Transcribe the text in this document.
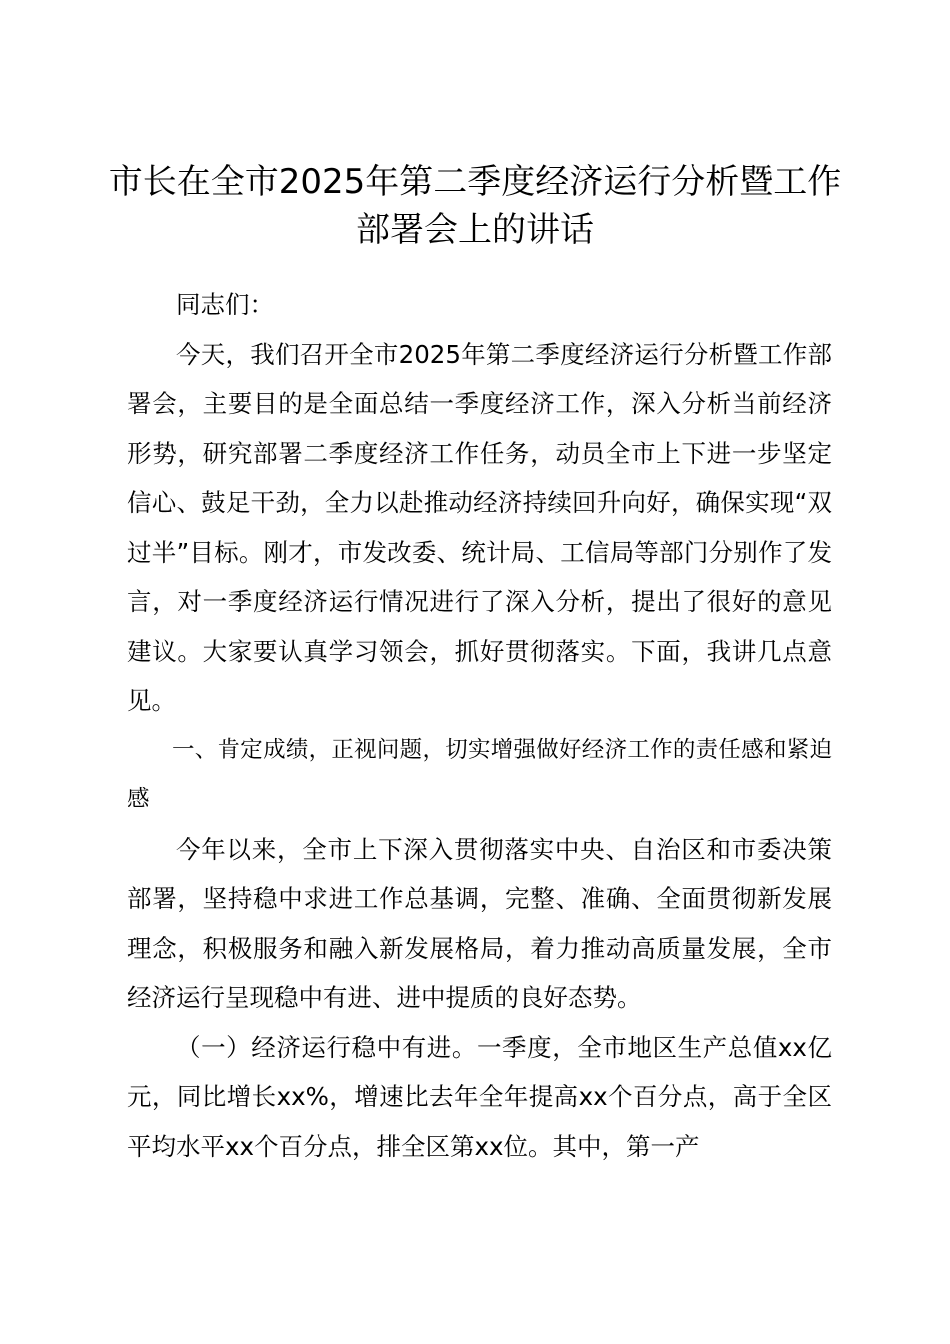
市长在全市2025年第二季度经济运行分析暨工作部署会上的讲话

同志们：

今天，我们召开全市2025年第二季度经济运行分析暨工作部署会，主要目的是全面总结一季度经济工作，深入分析当前经济形势，研究部署二季度经济工作任务，动员全市上下进一步坚定信心、鼓足干劲，全力以赴推动经济持续回升向好，确保实现“双过半”目标。刚才，市发改委、统计局、工信局等部门分别作了发言，对一季度经济运行情况进行了深入分析，提出了很好的意见建议。大家要认真学习领会，抓好贯彻落实。下面，我讲几点意见。

一、肯定成绩，正视问题，切实增强做好经济工作的责任感和紧迫感

今年以来，全市上下深入贯彻落实中央、自治区和市委决策部署，坚持稳中求进工作总基调，完整、准确、全面贯彻新发展理念，积极服务和融入新发展格局，着力推动高质量发展，全市经济运行呈现稳中有进、进中提质的良好态势。

（一）经济运行稳中有进。一季度，全市地区生产总值xx亿元，同比增长xx%，增速比去年全年提高xx个百分点，高于全区平均水平xx个百分点，排全区第xx位。其中，第一产
